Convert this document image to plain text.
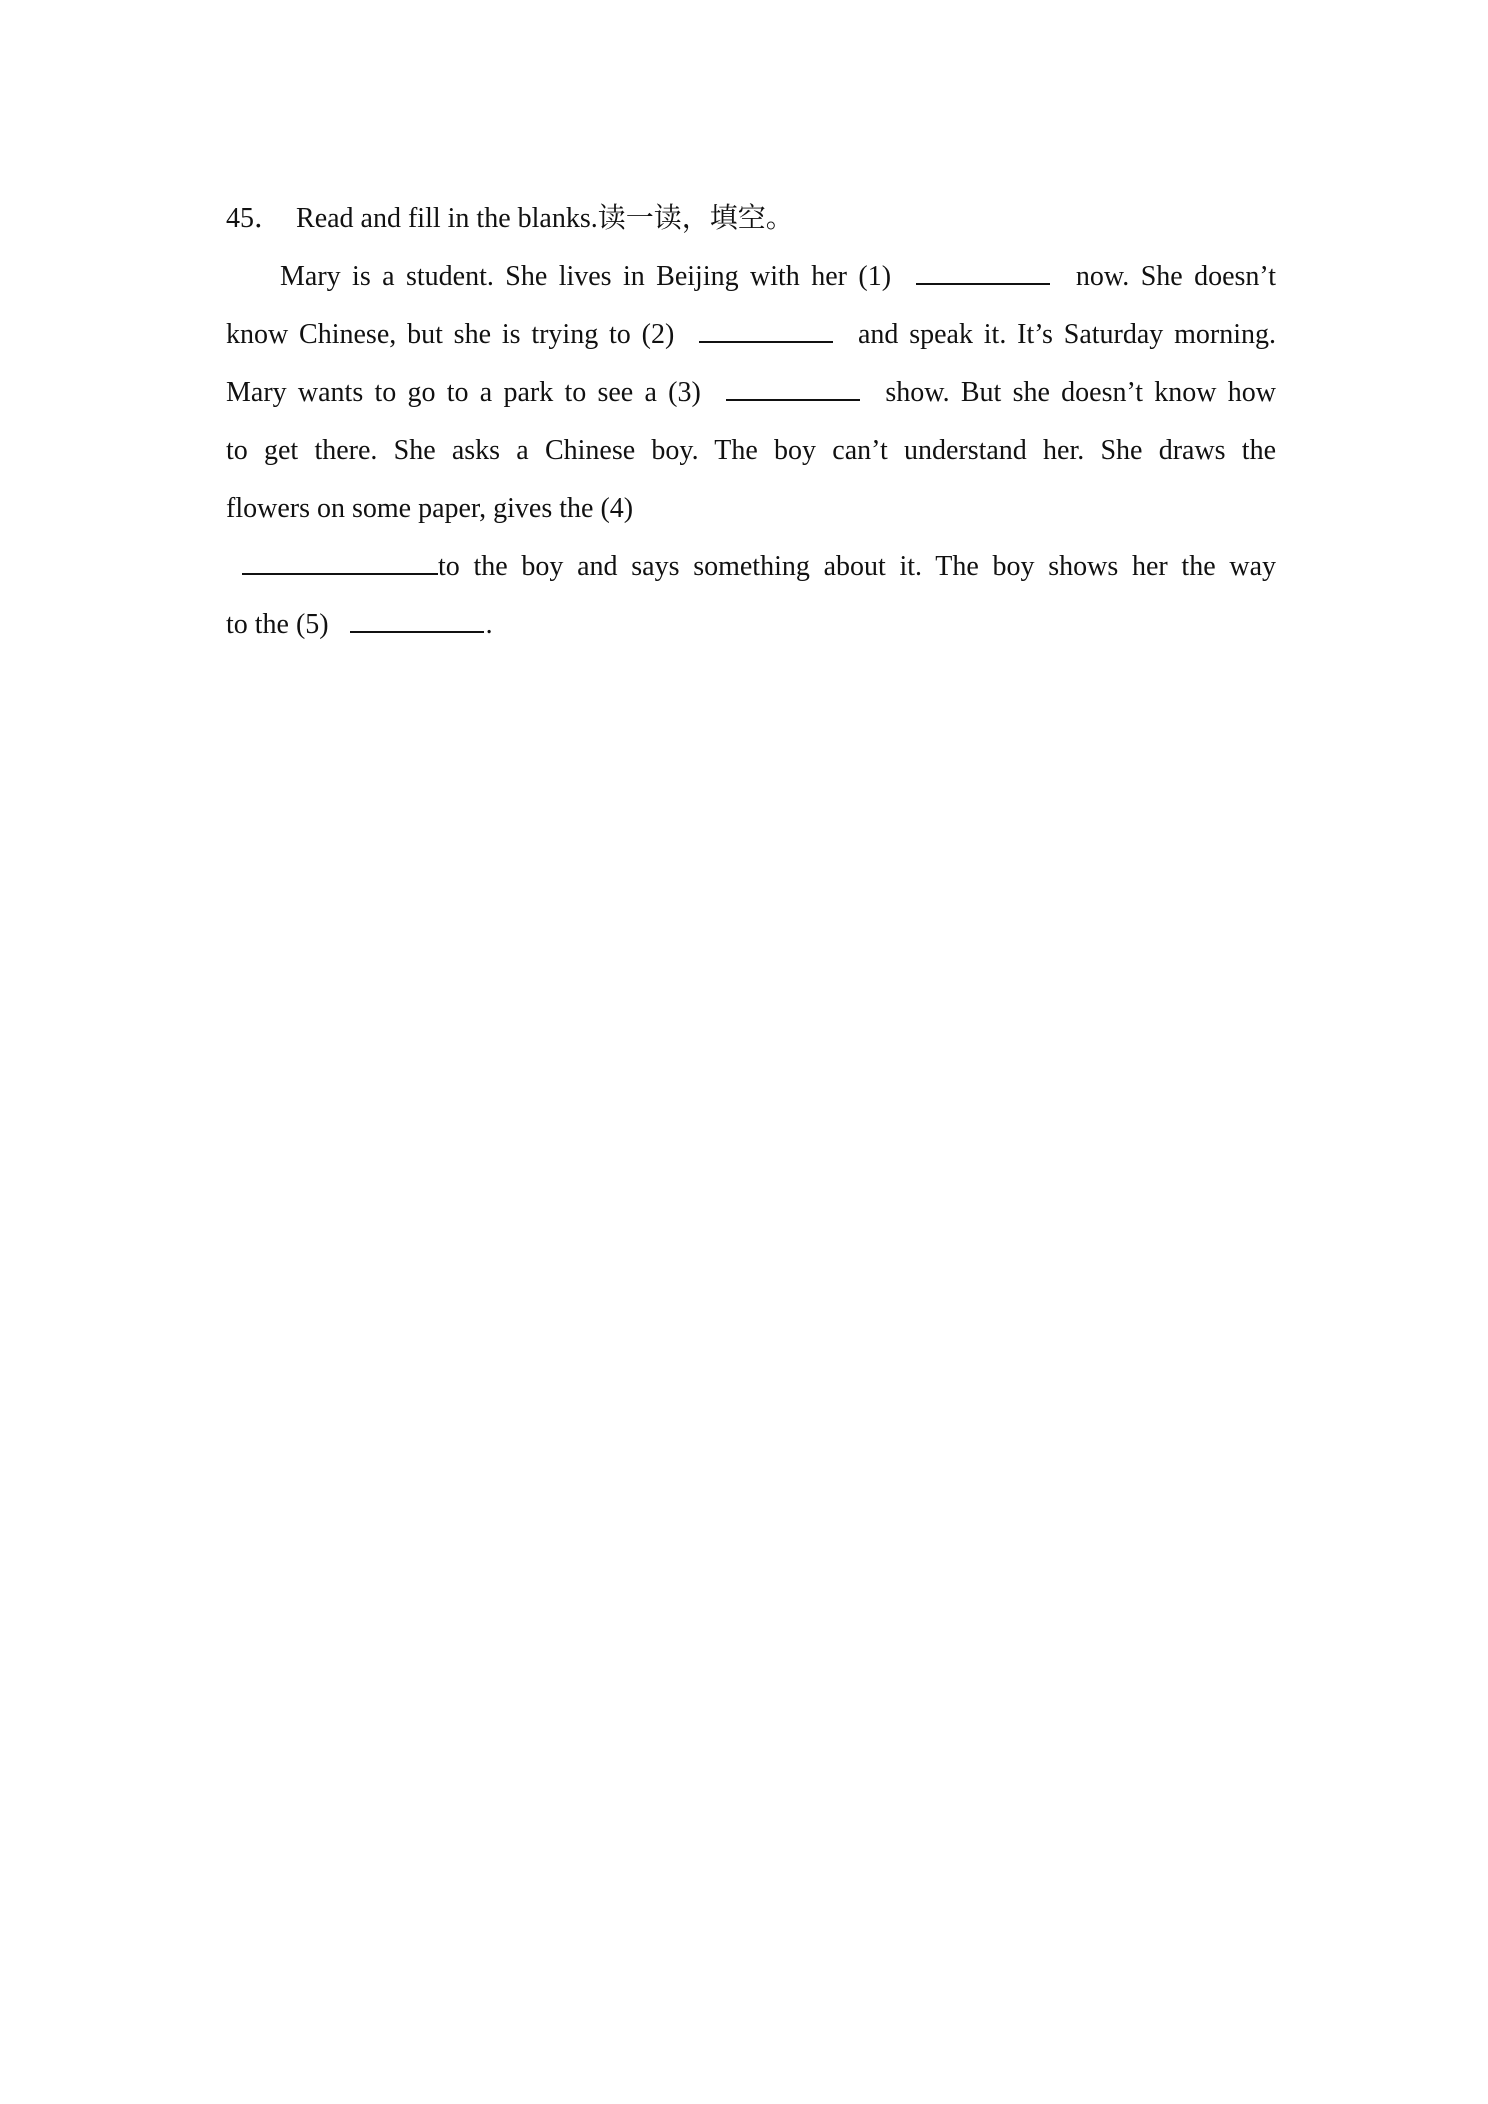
45． Read and fill in the blanks.读一读，填空。
Mary is a student. She lives in Beijing with her (1)	now. She doesn’t
know Chinese, but she is trying to (2)	and speak it. It’s Saturday morning.
Mary wants to go to a park to see a (3)	show. But she doesn’t know how
to get there. She asks a Chinese boy. The boy can’t understand her. She draws the
flowers on some paper, gives the (4)
to the boy and says something about it. The boy shows her the way
to the (5)	.
